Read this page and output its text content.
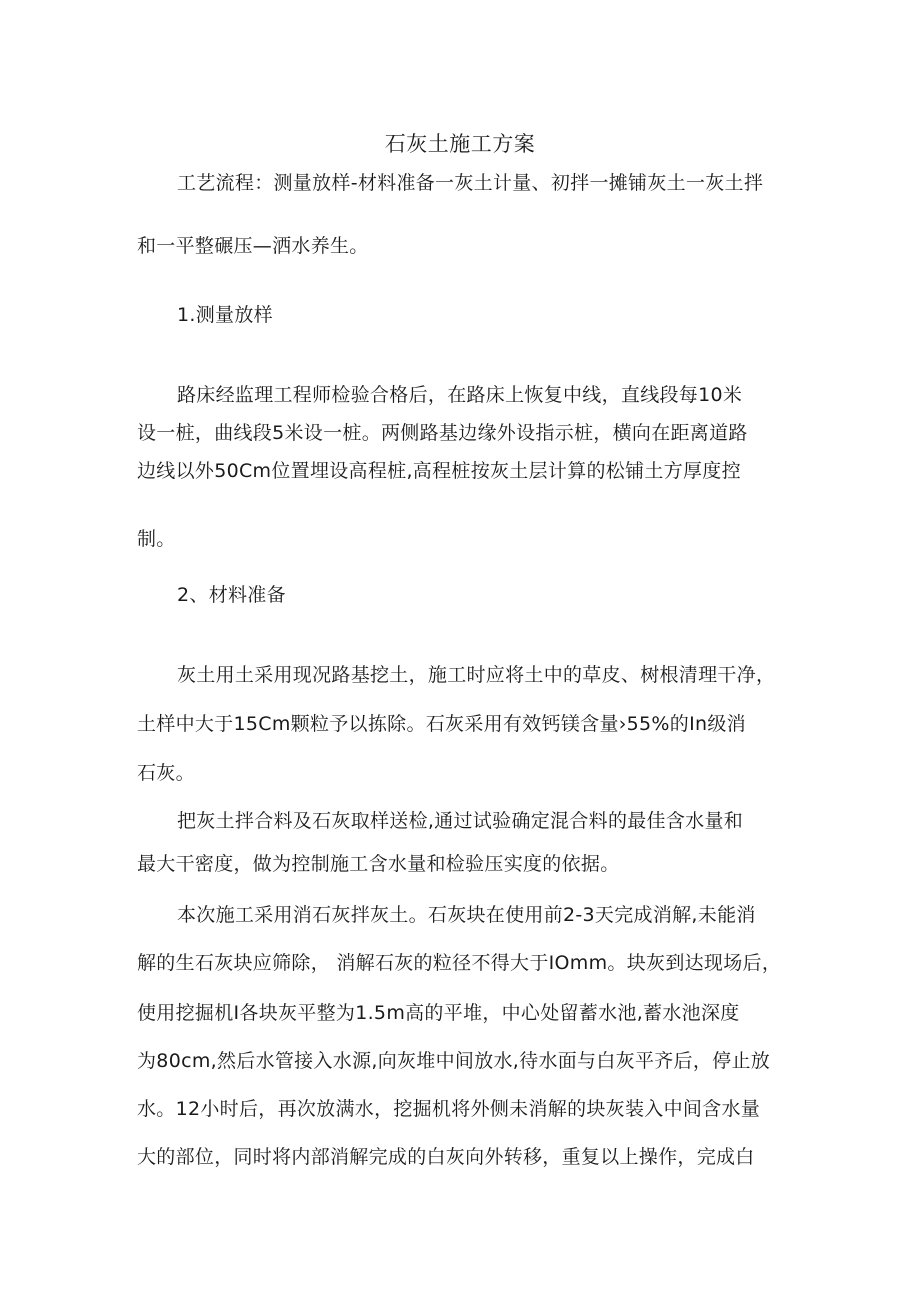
石灰土施工方案
工艺流程：测量放样-材料准备一灰土计量、初拌一摊铺灰土一灰土拌
和一平整碾压—洒水养生。
1.测量放样
路床经监理工程师检验合格后，在路床上恢复中线，直线段每10米
设一桩，曲线段5米设一桩。两侧路基边缘外设指示桩，横向在距离道路
边线以外50Cm位置埋设高程桩,高程桩按灰土层计算的松铺土方厚度控
制。
2、材料准备
灰土用土采用现况路基挖土，施工时应将土中的草皮、树根清理干净，
土样中大于15Cm颗粒予以拣除。石灰采用有效钙镁含量›55%的In级消
石灰。
把灰土拌合料及石灰取样送检,通过试验确定混合料的最佳含水量和
最大干密度，做为控制施工含水量和检验压实度的依据。
本次施工采用消石灰拌灰土。石灰块在使用前2-3天完成消解,未能消
解的生石灰块应筛除， 消解石灰的粒径不得大于IOmm。块灰到达现场后，
使用挖掘机I各块灰平整为1.5m高的平堆，中心处留蓄水池,蓄水池深度
为80cm,然后水管接入水源,向灰堆中间放水,待水面与白灰平齐后，停止放
水。12小时后，再次放满水，挖掘机将外侧未消解的块灰装入中间含水量
大的部位，同时将内部消解完成的白灰向外转移，重复以上操作，完成白
